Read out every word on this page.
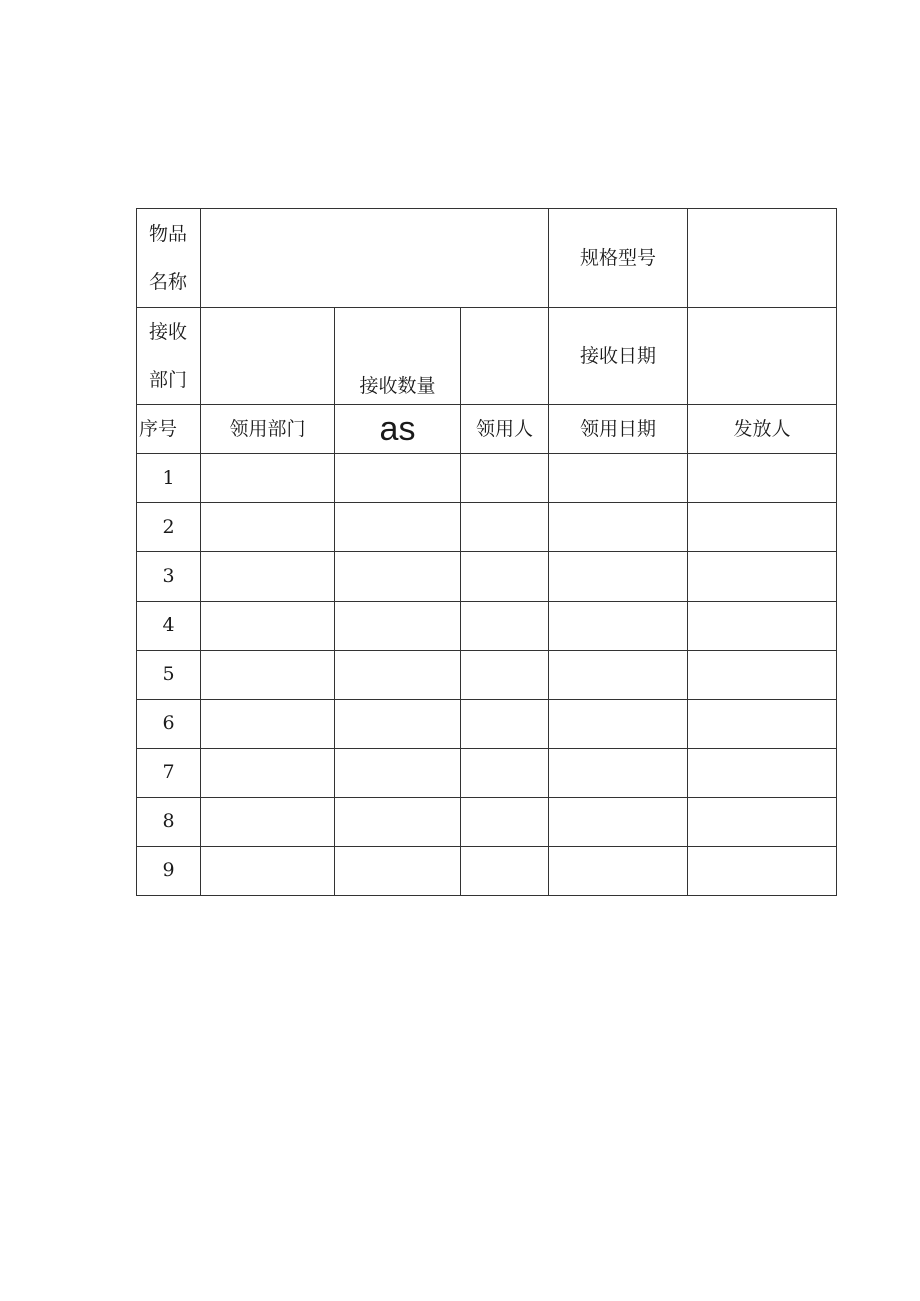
物品
名称				规格型号	

接收
部门		接收数量		接收日期	
序号	领用部门	as	领用人	领用日期	发放人
1					
2					
3					
4					
5					
6					
7					
8					
9					
